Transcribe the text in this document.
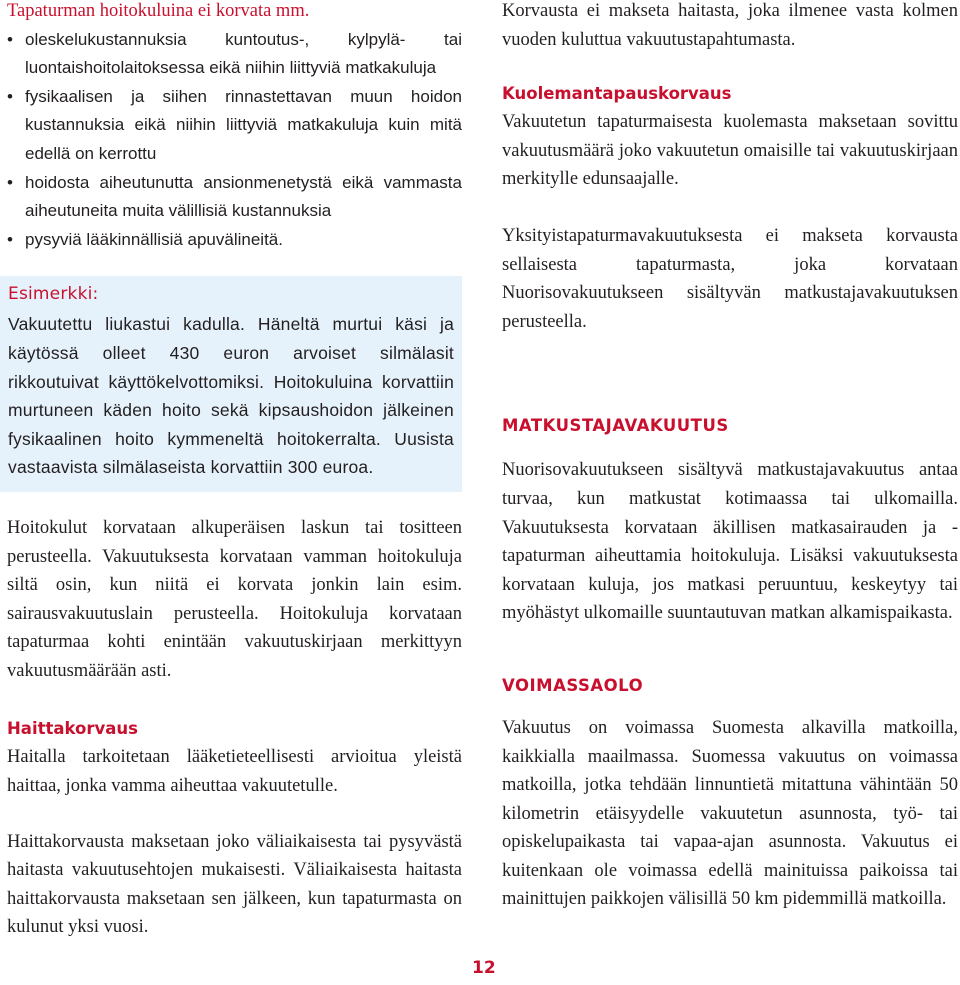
Tapaturman hoitokuluina ei korvata mm.

• oleskelukustannuksia kuntoutus-, kylpylä- tai luontaishoitolaitoksessa eikä niihin liittyviä matkakuluja
• fysikaalisen ja siihen rinnastettavan muun hoidon kustannuksia eikä niihin liittyviä matkakuluja kuin mitä edellä on kerrottu
• hoidosta aiheutunutta ansionmenetystä eikä vammasta aiheutuneita muita välillisiä kustannuksia
• pysyviä lääkinnällisiä apuvälineitä.

Esimerkki:

Vakuutettu liukastui kadulla. Häneltä murtui käsi ja käytössä olleet 430 euron arvoiset silmälasit rikkoutuivat käyttökelvottomiksi. Hoitokuluina korvattiin murtuneen käden hoito sekä kipsaushoidon jälkeinen fysikaalinen hoito kymmeneltä hoitokerralta. Uusista vastaavista silmälaseista korvattiin 300 euroa.

Hoitokulut korvataan alkuperäisen laskun tai tositteen perusteella. Vakuutuksesta korvataan vamman hoitokuluja siltä osin, kun niitä ei korvata jonkin lain esim. sairausvakuutuslain perusteella. Hoitokuluja korvataan tapaturmaa kohti enintään vakuutuskirjaan merkittyyn vakuutusmäärään asti.

Haittakorvaus

Haitalla tarkoitetaan lääketieteellisesti arvioitua yleistä haittaa, jonka vamma aiheuttaa vakuutetulle.

Haittakorvausta maksetaan joko väliaikaisesta tai pysyvästä haitasta vakuutusehtojen mukaisesti. Väliaikaisesta haitasta haittakorvausta maksetaan sen jälkeen, kun tapaturmasta on kulunut yksi vuosi.

Korvausta ei makseta haitasta, joka ilmenee vasta kolmen vuoden kuluttua vakuutustapahtumasta.

Kuolemantapauskorvaus

Vakuutetun tapaturmaisesta kuolemasta maksetaan sovittu vakuutusmäärä joko vakuutetun omaisille tai vakuutuskirjaan merkitylle edunsaajalle.

Yksityistapaturmavakuutuksesta ei makseta korvausta sellaisesta tapaturmasta, joka korvataan Nuorisovakuutukseen sisältyvän matkustajavakuutuksen perusteella.

MATKUSTAJAVAKUUTUS

Nuorisovakuutukseen sisältyvä matkustajavakuutus antaa turvaa, kun matkustat kotimaassa tai ulkomailla. Vakuutuksesta korvataan äkillisen matkasairauden ja -tapaturman aiheuttamia hoitokuluja. Lisäksi vakuutuksesta korvataan kuluja, jos matkasi peruuntuu, keskeytyy tai myöhästyt ulkomaille suuntautuvan matkan alkamispaikasta.

VOIMASSAOLO

Vakuutus on voimassa Suomesta alkavilla matkoilla, kaikkialla maailmassa. Suomessa vakuutus on voimassa matkoilla, jotka tehdään linnuntietä mitattuna vähintään 50 kilometrin etäisyydelle vakuutetun asunnosta, työ- tai opiskelupaikasta tai vapaa-ajan asunnosta. Vakuutus ei kuitenkaan ole voimassa edellä mainituissa paikoissa tai mainittujen paikkojen välisillä 50 km pidemmillä matkoilla.

12
